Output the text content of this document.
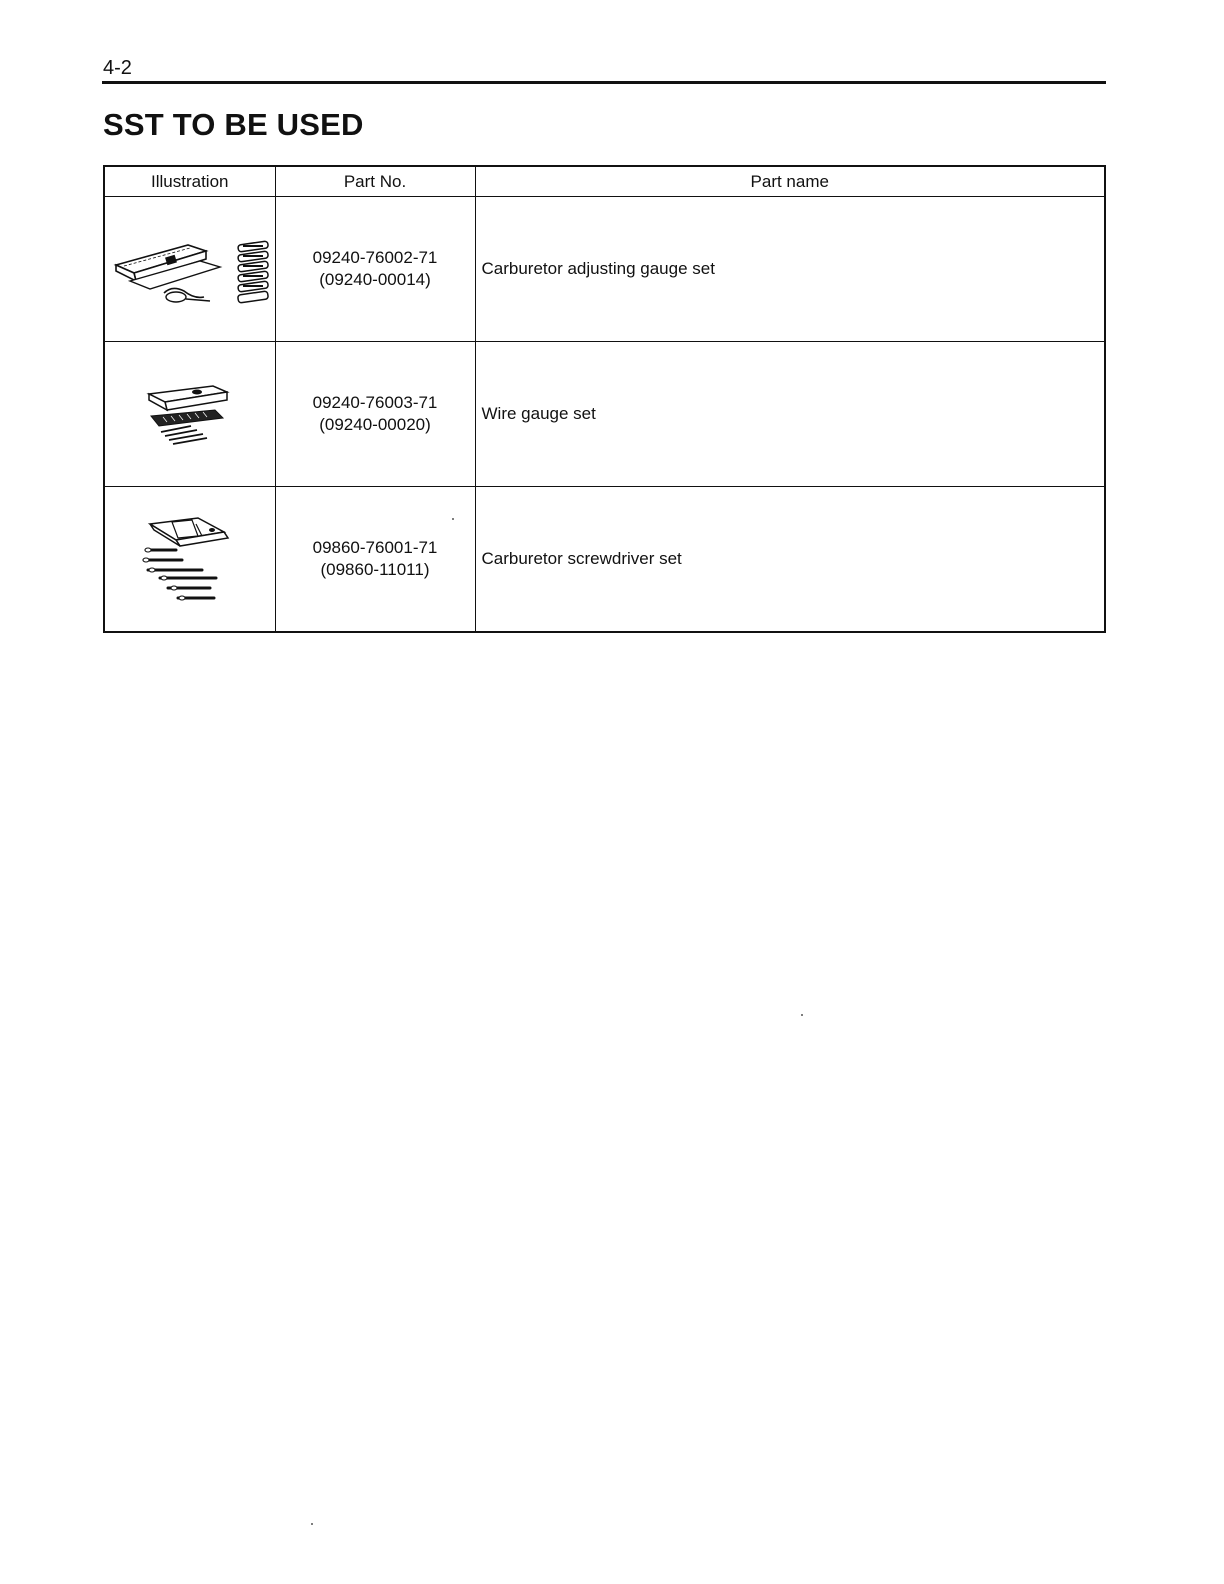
4-2
SST TO BE USED
Illustration	Part No.	Part name

09240-76002-71
(09240-00014)	Carburetor adjusting gauge set

09240-76003-71
(09240-00020)	Wire gauge set

09860-76001-71
(09860-11011)	Carburetor screwdriver set
